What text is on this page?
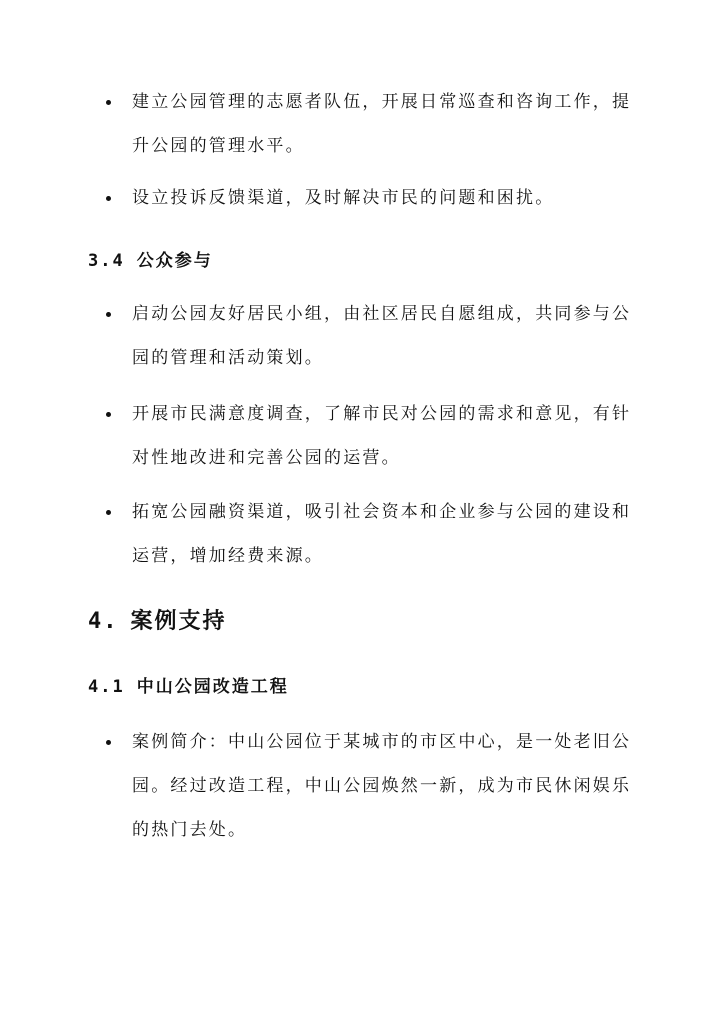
建立公园管理的志愿者队伍，开展日常巡查和咨询工作，提
升公园的管理水平。
设立投诉反馈渠道，及时解决市民的问题和困扰。
3.4 公众参与
启动公园友好居民小组，由社区居民自愿组成，共同参与公
园的管理和活动策划。
开展市民满意度调查，了解市民对公园的需求和意见，有针
对性地改进和完善公园的运营。
拓宽公园融资渠道，吸引社会资本和企业参与公园的建设和
运营，增加经费来源。
4. 案例支持
4.1 中山公园改造工程
案例简介：中山公园位于某城市的市区中心，是一处老旧公
园。经过改造工程，中山公园焕然一新，成为市民休闲娱乐
的热门去处。
